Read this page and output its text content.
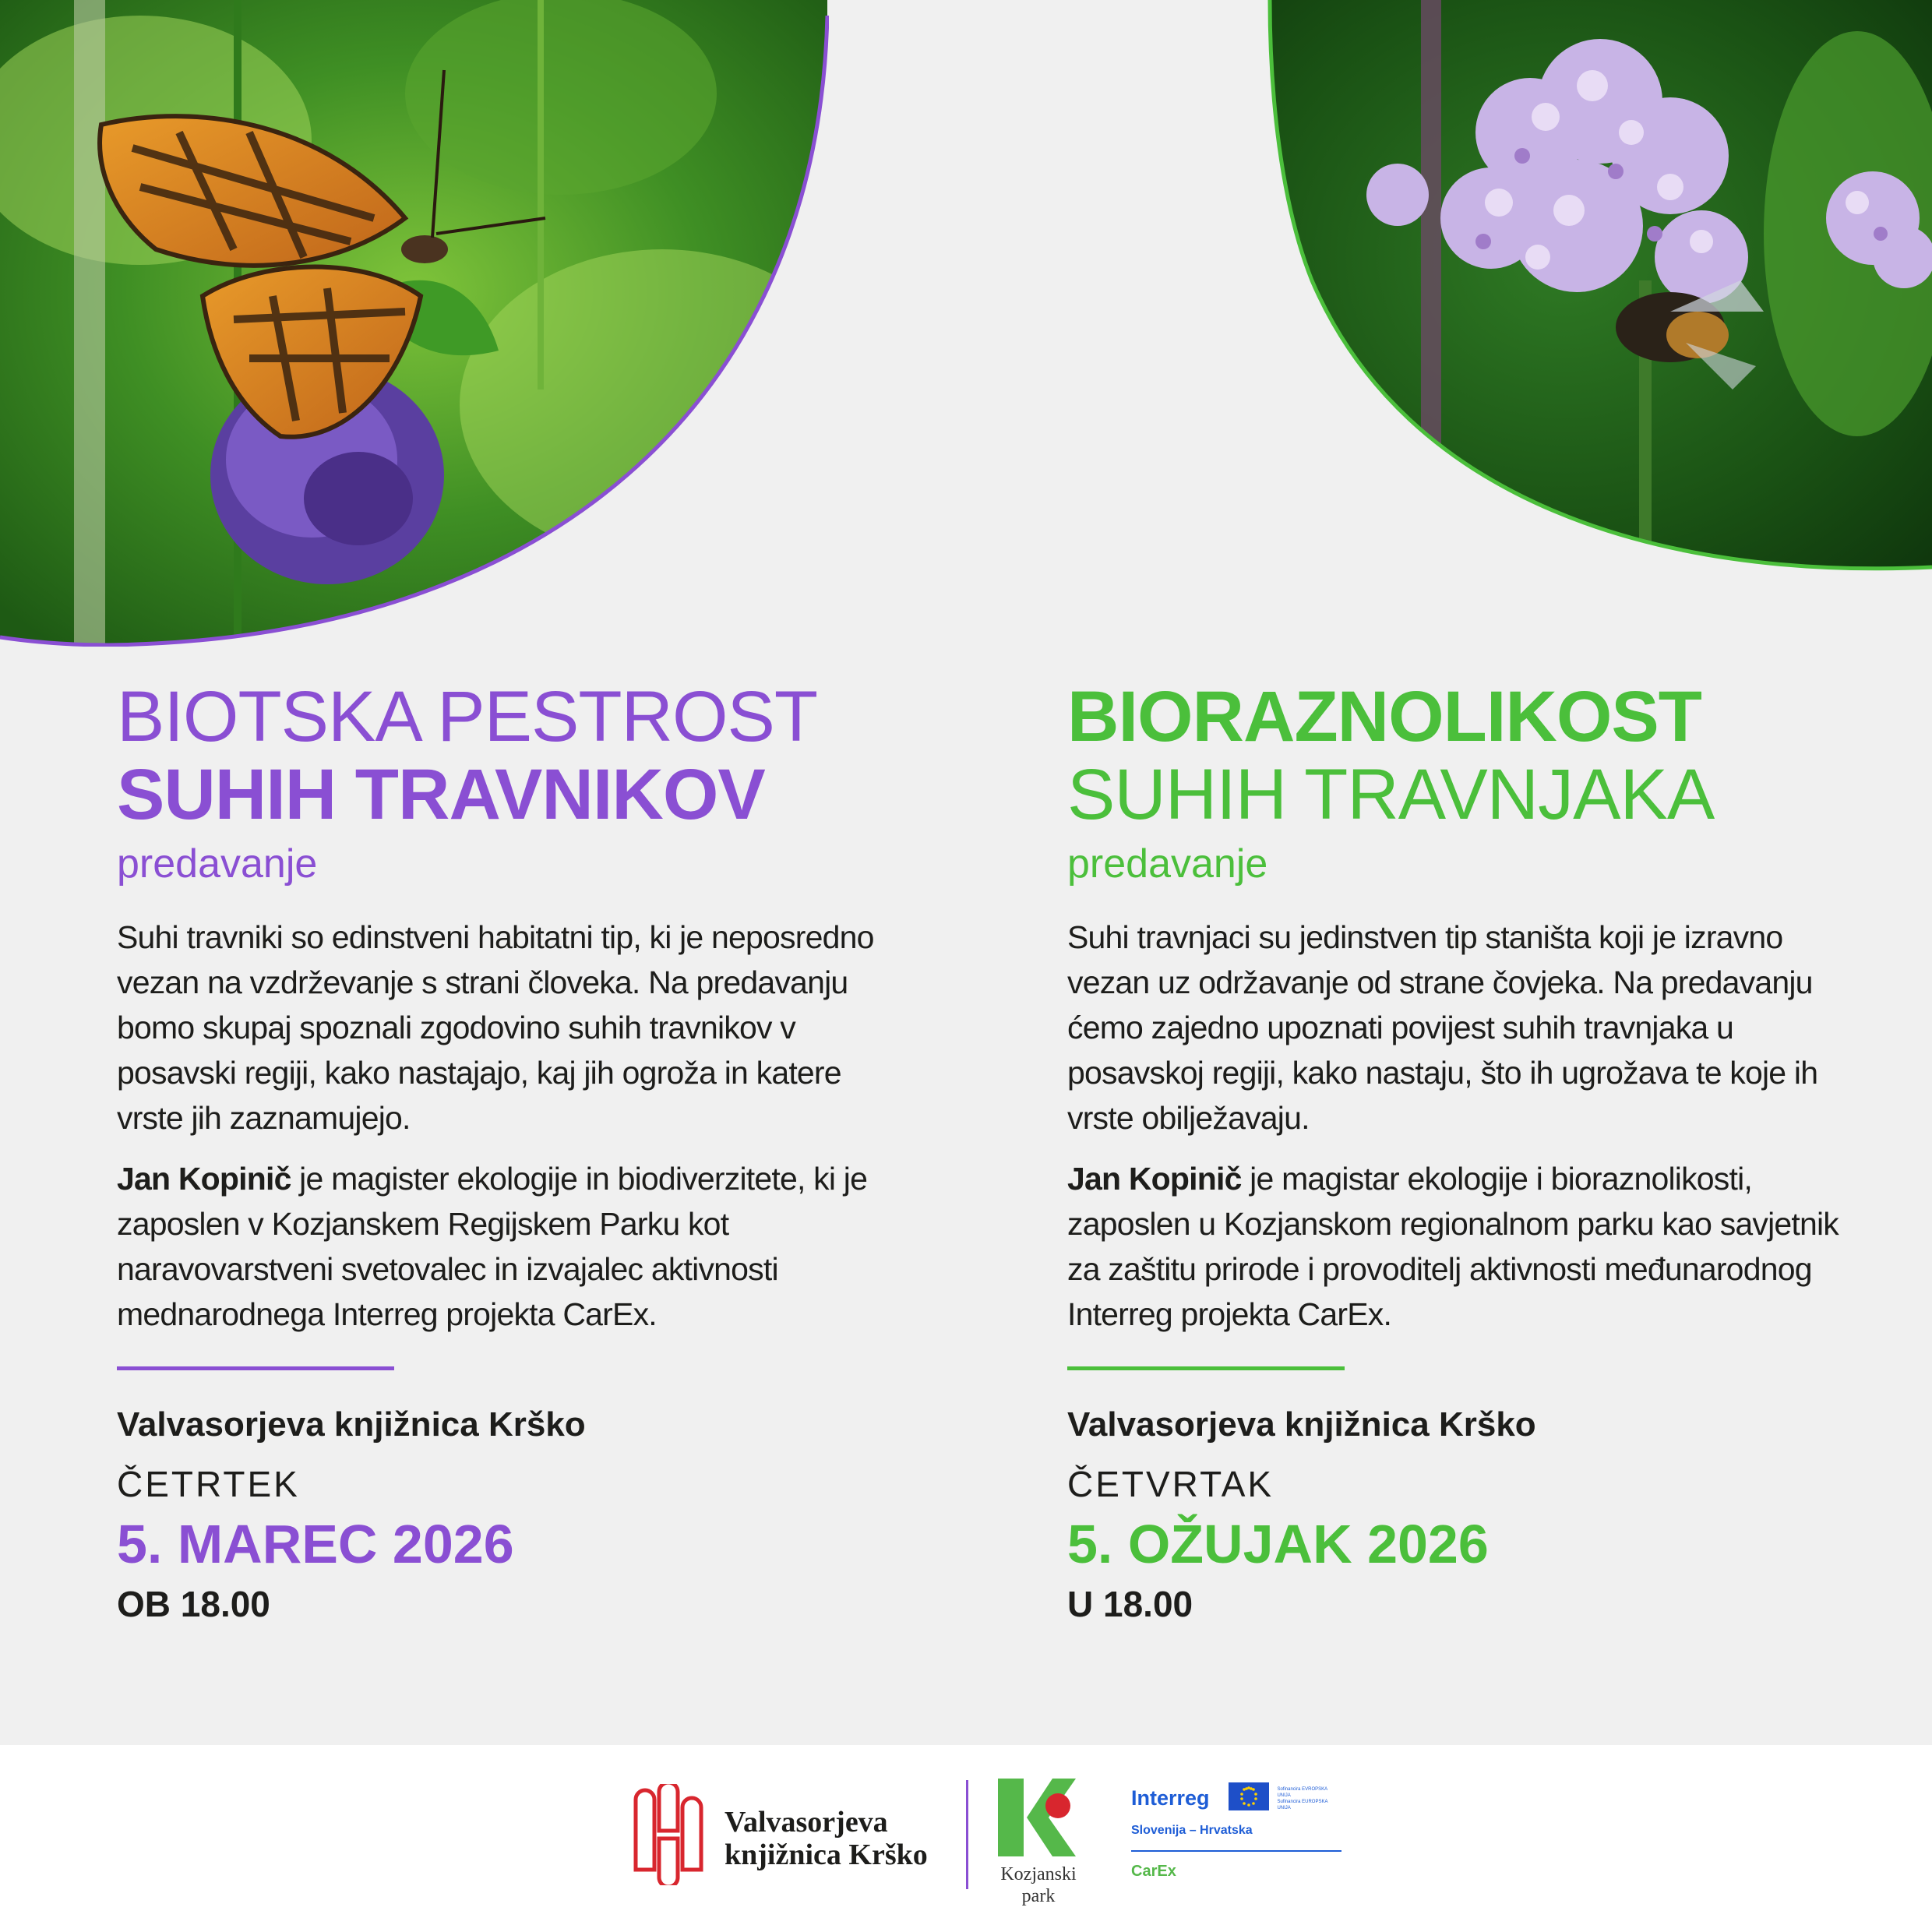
BIOTSKA PESTROST
SUHIH TRAVNIKOV
predavanje

Suhi travniki so edinstveni habitatni tip, ki je neposredno vezan na vzdrževanje s strani človeka. Na predavanju bomo skupaj spoznali zgodovino suhih travnikov v posavski regiji, kako nastajajo, kaj jih ogroža in katere vrste jih zaznamujejo.

Jan Kopinič je magister ekologije in biodiverzitete, ki je zaposlen v Kozjanskem Regijskem Parku kot naravovarstveni svetovalec in izvajalec aktivnosti mednarodnega Interreg projekta CarEx.

Valvasorjeva knjižnica Krško
ČETRTEK
5. MAREC 2026
OB 18.00
BIORAZNOLIKOST
SUHIH TRAVNJAKA
predavanje

Suhi travnjaci su jedinstven tip staništa koji je izravno vezan uz održavanje od strane čovjeka. Na predavanju ćemo zajedno upoznati povijest suhih travnjaka u posavskoj regiji, kako nastaju, što ih ugrožava te koje ih vrste obilježavaju.

Jan Kopinič je magistar ekologije i bioraznolikosti, zaposlen u Kozjanskom regionalnom parku kao savjetnik za zaštitu prirode i provoditelj aktivnosti međunarodnog Interreg projekta CarEx.

Valvasorjeva knjižnica Krško
ČETVRTAK
5. OŽUJAK 2026
U 18.00
Valvasorjeva
knjižnica Krško
Kozjanski
park
Interreg	Sofinancira EVROPSKA UNIJA
Sufinancira EUROPSKA UNIJA
Slovenija – Hrvatska
CarEx
